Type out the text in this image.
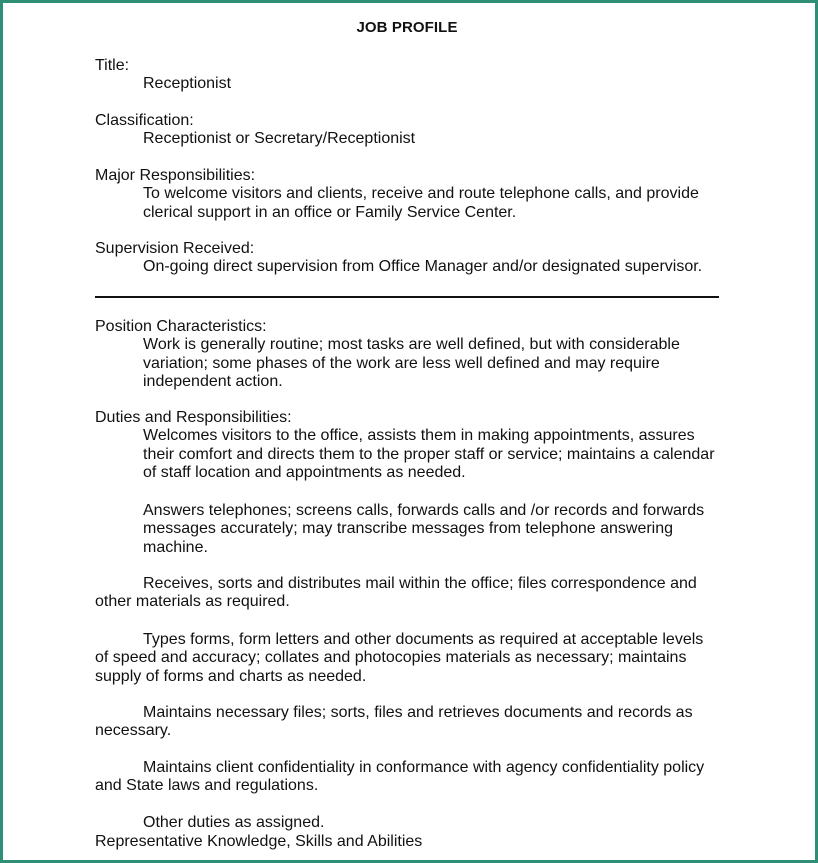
JOB PROFILE
Title:
Receptionist
Classification:
Receptionist or Secretary/Receptionist
Major Responsibilities:
To welcome visitors and clients, receive and route telephone calls, and provide clerical support in an office or Family Service Center.
Supervision Received:
On-going direct supervision from Office Manager and/or designated supervisor.
Position Characteristics:
Work is generally routine; most tasks are well defined, but with considerable variation; some phases of the work are less well defined and may require independent action.
Duties and Responsibilities:
Welcomes visitors to the office, assists them in making appointments, assures their comfort and directs them to the proper staff or service; maintains a calendar of staff location and appointments as needed.
Answers telephones; screens calls, forwards calls and /or records and forwards messages accurately; may transcribe messages from telephone answering machine.
Receives, sorts and distributes mail within the office; files correspondence and other materials as required.
Types forms, form letters and other documents as required at acceptable levels of speed and accuracy; collates and photocopies materials as necessary; maintains supply of forms and charts as needed.
Maintains necessary files; sorts, files and retrieves documents and records as necessary.
Maintains client confidentiality in conformance with agency confidentiality policy and State laws and regulations.
Other duties as assigned.
Representative Knowledge, Skills and Abilities
